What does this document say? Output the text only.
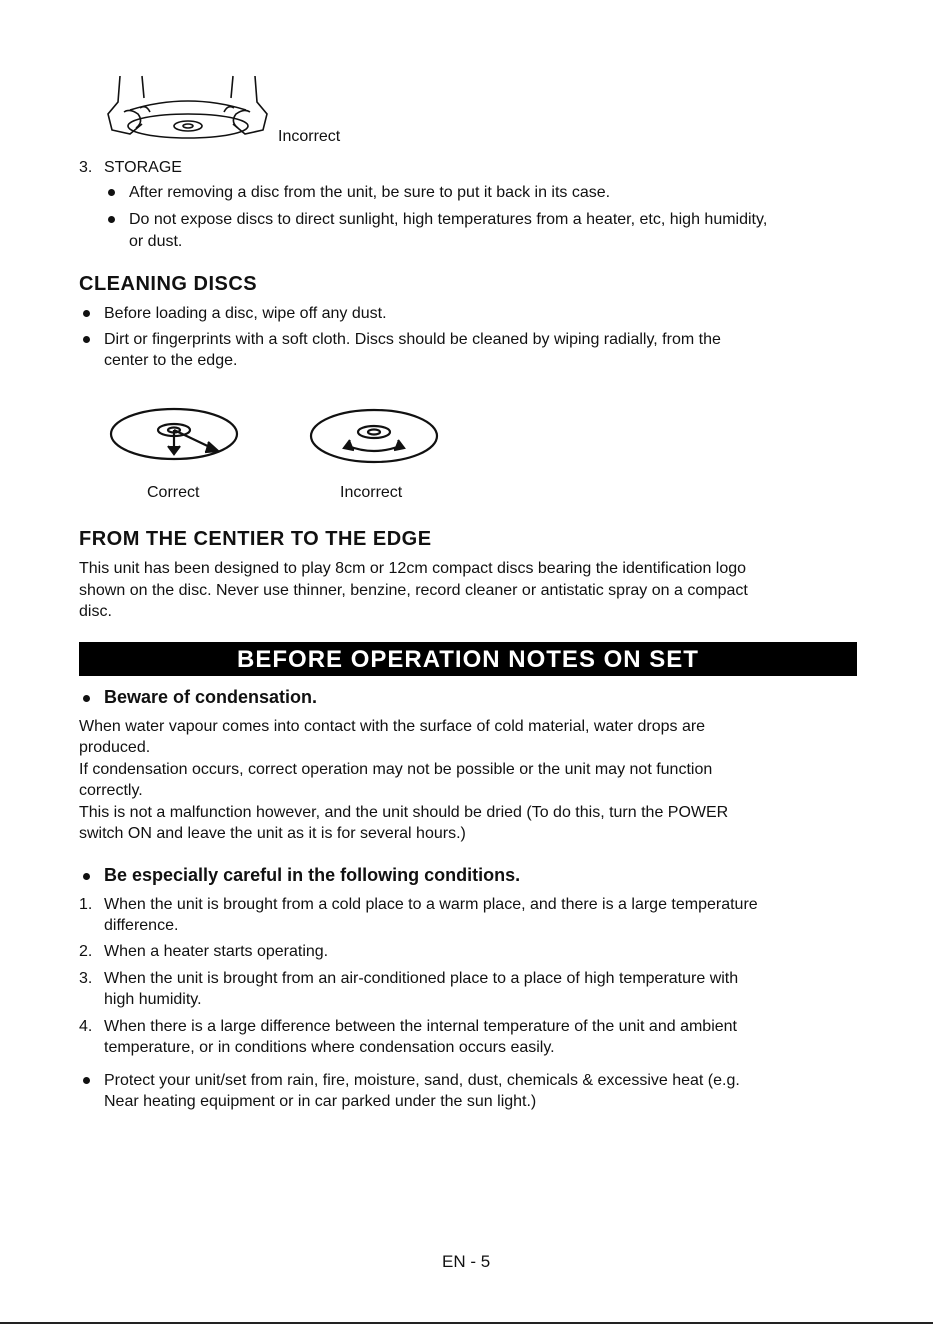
Incorrect
3. STORAGE
After removing a disc from the unit, be sure to put it back in its case.
Do not expose discs to direct sunlight, high temperatures from a heater, etc, high humidity,
or dust.
CLEANING DISCS
Before loading a disc, wipe off any dust.
Dirt or fingerprints with a soft cloth. Discs should be cleaned by wiping radially, from the
center to the edge.
Correct	Incorrect
FROM THE CENTIER TO THE EDGE
This unit has been designed to play 8cm or 12cm compact discs bearing the identification logo
shown on the disc. Never use thinner, benzine, record cleaner or antistatic spray on a compact
disc.
BEFORE OPERATION NOTES ON SET
Beware of condensation.
When water vapour comes into contact with the surface of cold material, water drops are
produced.
If condensation occurs, correct operation may not be possible or the unit may not function
correctly.
This is not a malfunction however, and the unit should be dried (To do this, turn the POWER
switch ON and leave the unit as it is for several hours.)
Be especially careful in the following conditions.
1. When the unit is brought from a cold place to a warm place, and there is a large temperature
difference.
2. When a heater starts operating.
3. When the unit is brought from an air-conditioned place to a place of high temperature with
high humidity.
4. When there is a large difference between the internal temperature of the unit and ambient
temperature, or in conditions where condensation occurs easily.
Protect your unit/set from rain, fire, moisture, sand, dust, chemicals & excessive heat (e.g.
Near heating equipment or in car parked under the sun light.)
EN - 5
